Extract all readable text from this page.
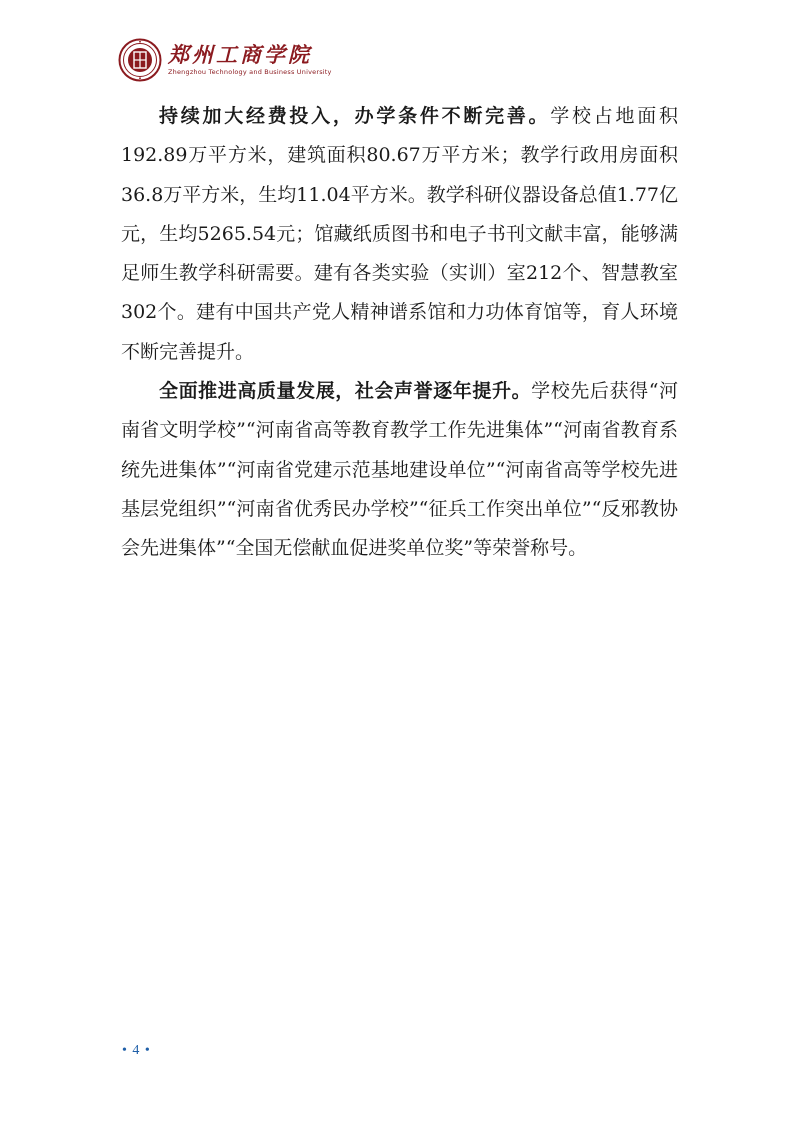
郑州工商学院
Zhengzhou Technology and Business University

持续加大经费投入，办学条件不断完善。学校占地面积192.89万平方米，建筑面积80.67万平方米；教学行政用房面积36.8万平方米，生均11.04平方米。教学科研仪器设备总值1.77亿元，生均5265.54元；馆藏纸质图书和电子书刊文献丰富，能够满足师生教学科研需要。建有各类实验（实训）室212个、智慧教室302个。建有中国共产党人精神谱系馆和力功体育馆等，育人环境不断完善提升。

全面推进高质量发展，社会声誉逐年提升。学校先后获得“河南省文明学校”“河南省高等教育教学工作先进集体”“河南省教育系统先进集体”“河南省党建示范基地建设单位”“河南省高等学校先进基层党组织”“河南省优秀民办学校”“征兵工作突出单位”“反邪教协会先进集体”“全国无偿献血促进奖单位奖”等荣誉称号。

• 4 •
